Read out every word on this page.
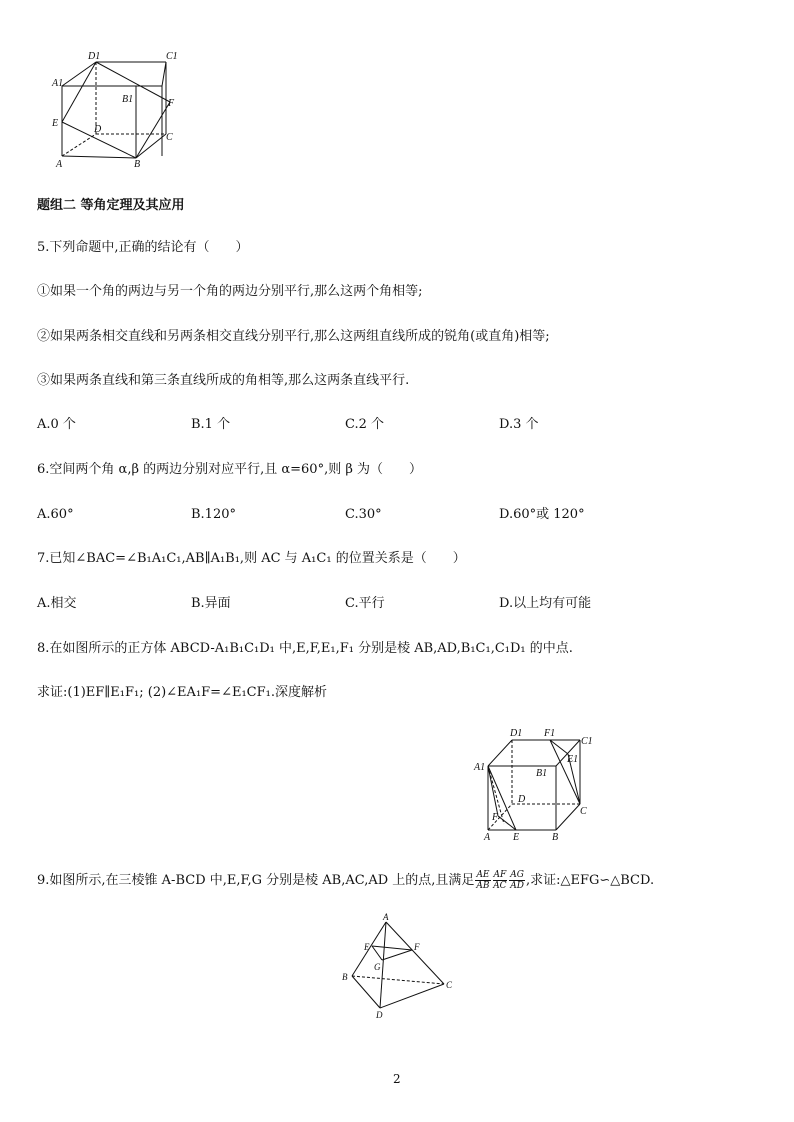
D1	C1
A1
B1	F
E
D
C
A	B
题组二 等角定理及其应用
5.下列命题中,正确的结论有（　　）
①如果一个角的两边与另一个角的两边分别平行,那么这两个角相等;
②如果两条相交直线和另两条相交直线分别平行,那么这两组直线所成的锐角(或直角)相等;
③如果两条直线和第三条直线所成的角相等,那么这两条直线平行.
A.0 个	B.1 个	C.2 个	D.3 个
6.空间两个角 α,β 的两边分别对应平行,且 α=60°,则 β 为（　　）
A.60°	B.120°	C.30°	D.60°或 120°
7.已知∠BAC=∠B₁A₁C₁,AB∥A₁B₁,则 AC 与 A₁C₁ 的位置关系是（　　）
A.相交	B.异面	C.平行	D.以上均有可能
8.在如图所示的正方体 ABCD-A₁B₁C₁D₁ 中,E,F,E₁,F₁ 分别是棱 AB,AD,B₁C₁,C₁D₁ 的中点.
求证:(1)EF∥E₁F₁; (2)∠EA₁F=∠E₁CF₁.深度解析
D1 F1
C1
E1
A1
B1
D
C
F
A E	B
9.如图所示,在三棱锥 A-BCD 中,E,F,G 分别是棱 AB,AC,AD 上的点,且满足 $\frac{AE}{AB} \frac{AF}{AC} \frac{AG}{AD}$ ,求证:△EFG∽△BCD.
A
E	F
G
B
C
D
2
